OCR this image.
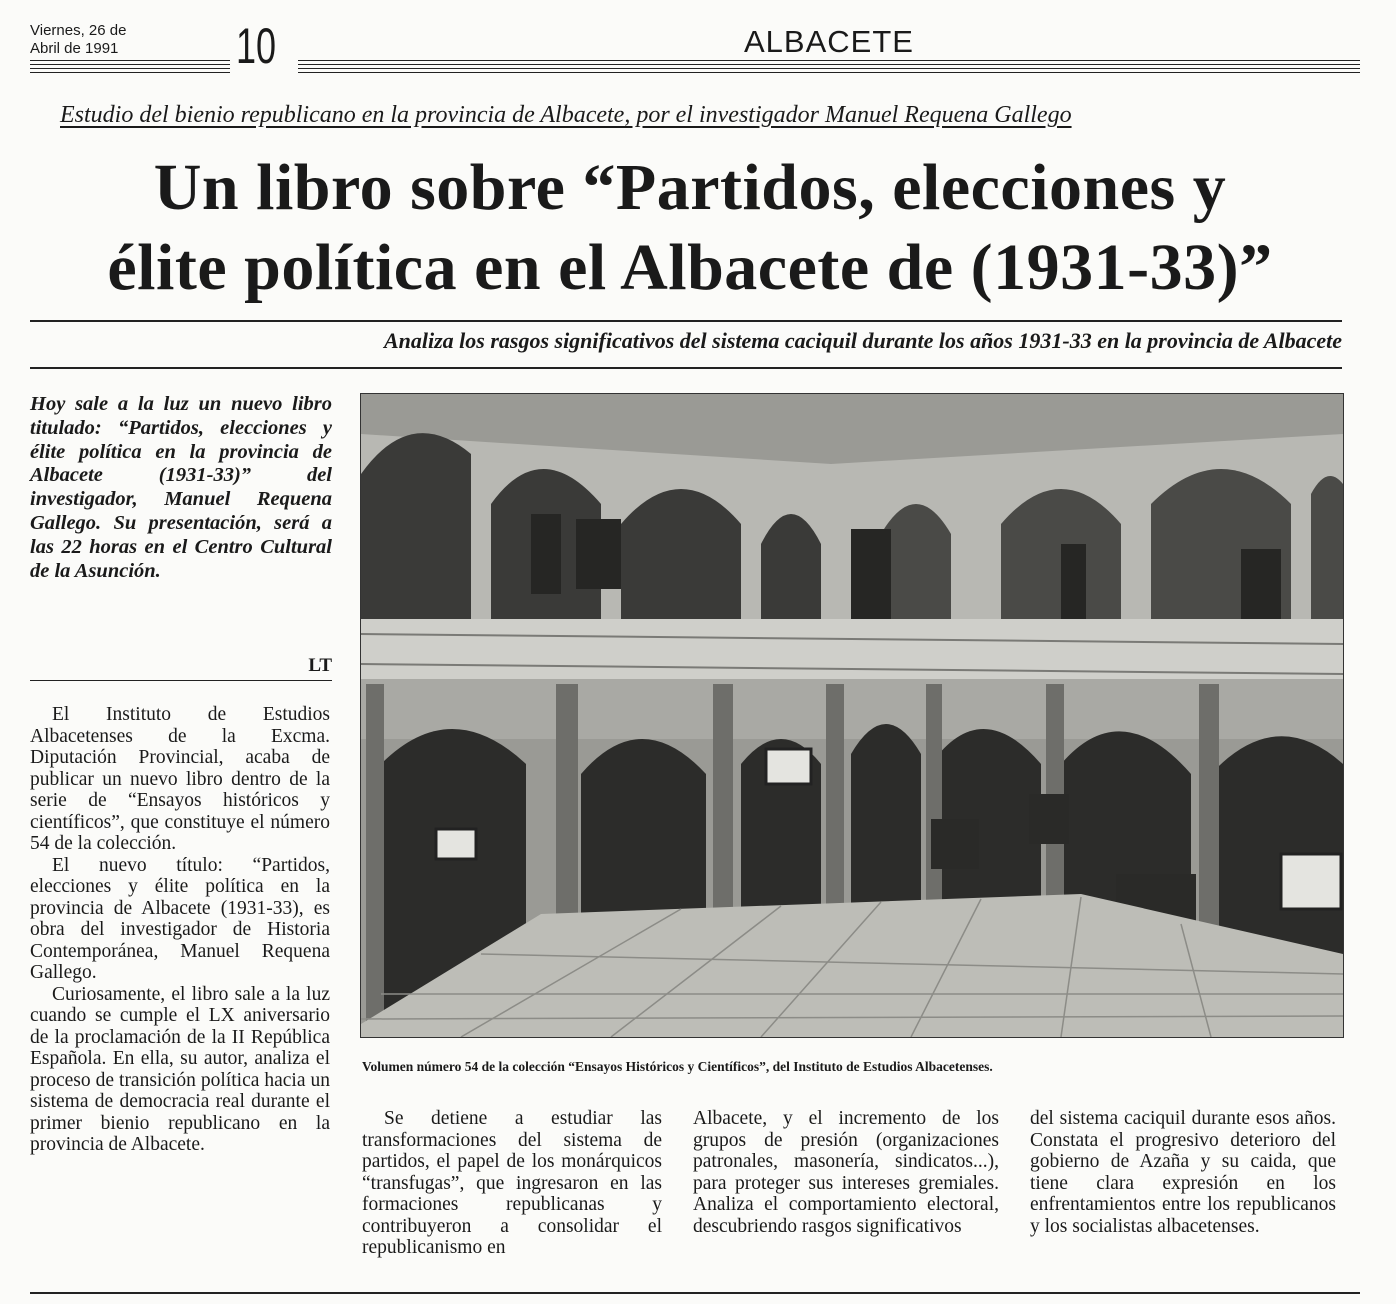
Viernes, 26 de
Abril de 1991 10	ALBACETE
Estudio del bienio republicano en la provincia de Albacete, por el investigador Manuel Requena Gallego
Un libro sobre “Partidos, elecciones y
élite política en el Albacete de (1931-33)”
Analiza los rasgos significativos del sistema caciquil durante los años 1931-33 en la provincia de Albacete

Hoy sale a la luz un nuevo libro titulado: “Partidos, elecciones y élite política en la provincia de Albacete (1931-33)” del investigador, Manuel Requena Gallego. Su presentación, será a las 22 horas en el Centro Cultural de la Asunción.

LT

El Instituto de Estudios Albacetenses de la Excma. Diputación Provincial, acaba de publicar un nuevo libro dentro de la serie de “Ensayos históricos y científicos”, que constituye el número 54 de la colección.

El nuevo título: “Partidos, elecciones y élite política en la provincia de Albacete (1931-33), es obra del investigador de Historia Contemporánea, Manuel Requena Gallego.

Curiosamente, el libro sale a la luz cuando se cumple el LX aniversario de la proclamación de la II República Española. En ella, su autor, analiza el proceso de transición política hacia un sistema de democracia real durante el primer bienio republicano en la provincia de Albacete.

Volumen número 54 de la colección “Ensayos Históricos y Científicos”, del Instituto de Estudios Albacetenses.

Se detiene a estudiar las transformaciones del sistema de partidos, el papel de los monárquicos “transfugas”, que ingresaron en las formaciones republicanas y contribuyeron a consolidar el republicanismo en

Albacete, y el incremento de los grupos de presión (organizaciones patronales, masonería, sindicatos...), para proteger sus intereses gremiales. Analiza el comportamiento electoral, descubriendo rasgos significativos

del sistema caciquil durante esos años. Constata el progresivo deterioro del gobierno de Azaña y su caida, que tiene clara expresión en los enfrentamientos entre los republicanos y los socialistas albacetenses.
